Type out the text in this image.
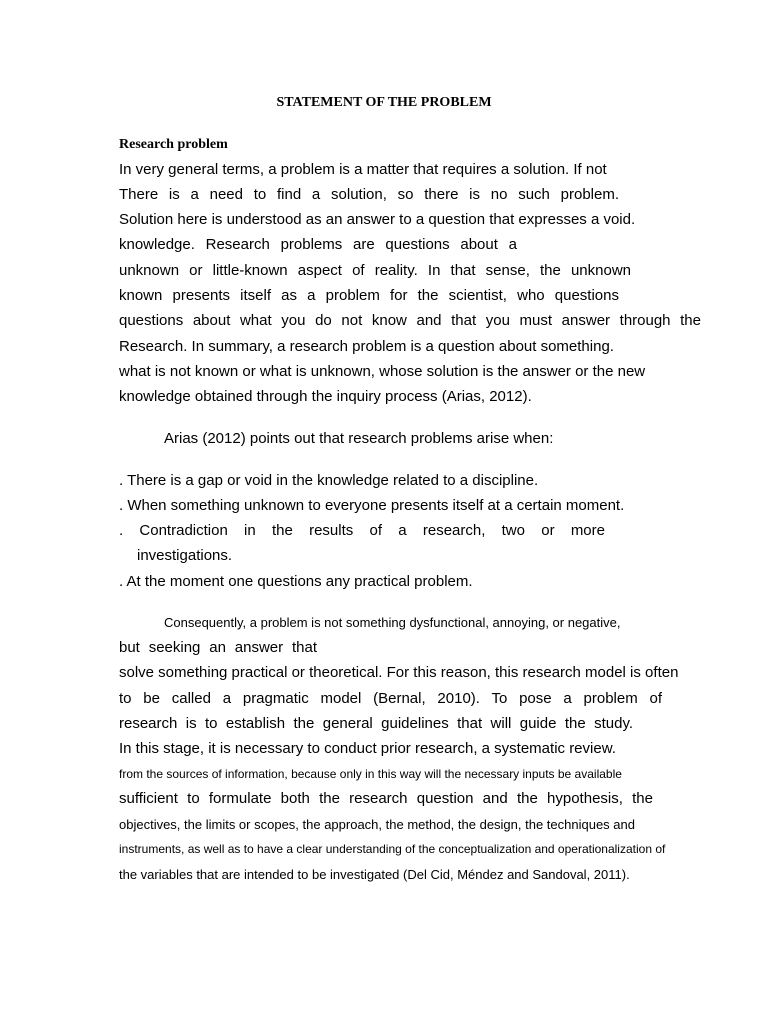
STATEMENT OF THE PROBLEM
Research problem
In very general terms, a problem is a matter that requires a solution. If not
There is a need to find a solution, so there is no such problem.
Solution here is understood as an answer to a question that expresses a void.
knowledge. Research problems are questions about a
unknown or little-known aspect of reality. In that sense, the unknown
known presents itself as a problem for the scientist, who questions
questions about what you do not know and that you must answer through the
Research. In summary, a research problem is a question about something.
what is not known or what is unknown, whose solution is the answer or the new
knowledge obtained through the inquiry process (Arias, 2012).
Arias (2012) points out that research problems arise when:
. There is a gap or void in the knowledge related to a discipline.
. When something unknown to everyone presents itself at a certain moment.
. Contradiction in the results of a research, two or more
investigations.
. At the moment one questions any practical problem.
Consequently, a problem is not something dysfunctional, annoying, or negative,
but seeking an answer that
solve something practical or theoretical. For this reason, this research model is often
to be called a pragmatic model (Bernal, 2010). To pose a problem of
research is to establish the general guidelines that will guide the study.
In this stage, it is necessary to conduct prior research, a systematic review.
from the sources of information, because only in this way will the necessary inputs be available
sufficient to formulate both the research question and the hypothesis, the
objectives, the limits or scopes, the approach, the method, the design, the techniques and
instruments, as well as to have a clear understanding of the conceptualization and operationalization of
the variables that are intended to be investigated (Del Cid, Méndez and Sandoval, 2011).
